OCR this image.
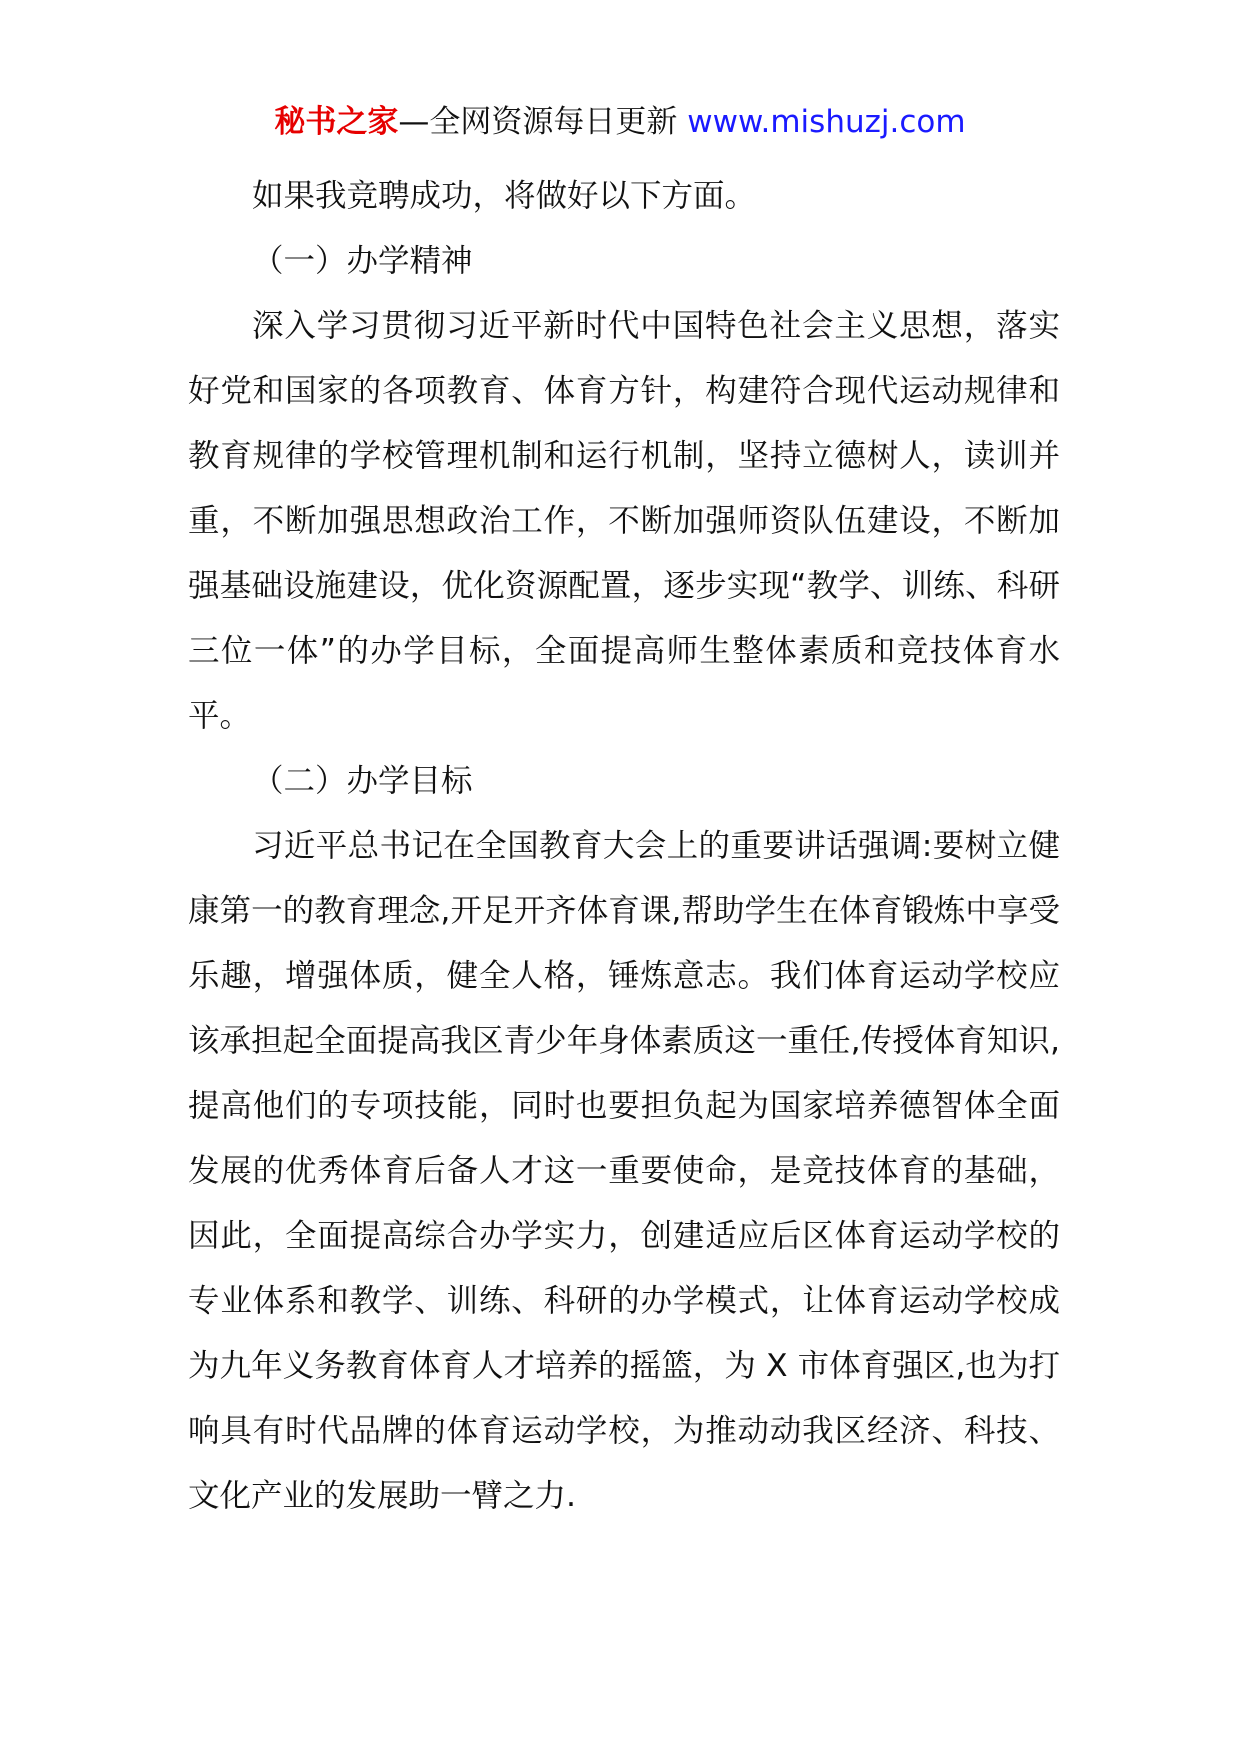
秘书之家—全网资源每日更新 www.mishuzj.com

如果我竞聘成功，将做好以下方面。

（一）办学精神

深入学习贯彻习近平新时代中国特色社会主义思想，落实好党和国家的各项教育、体育方针，构建符合现代运动规律和教育规律的学校管理机制和运行机制，坚持立德树人，读训并重，不断加强思想政治工作，不断加强师资队伍建设，不断加强基础设施建设，优化资源配置，逐步实现“教学、训练、科研三位一体”的办学目标，全面提高师生整体素质和竞技体育水平。

（二）办学目标

习近平总书记在全国教育大会上的重要讲话强调:要树立健康第一的教育理念,开足开齐体育课,帮助学生在体育锻炼中享受乐趣，增强体质，健全人格，锤炼意志。我们体育运动学校应该承担起全面提高我区青少年身体素质这一重任,传授体育知识,提高他们的专项技能，同时也要担负起为国家培养德智体全面发展的优秀体育后备人才这一重要使命，是竞技体育的基础，因此，全面提高综合办学实力，创建适应后区体育运动学校的专业体系和教学、训练、科研的办学模式，让体育运动学校成为九年义务教育体育人才培养的摇篮，为 X 市体育强区,也为打响具有时代品牌的体育运动学校，为推动动我区经济、科技、文化产业的发展助一臂之力.
